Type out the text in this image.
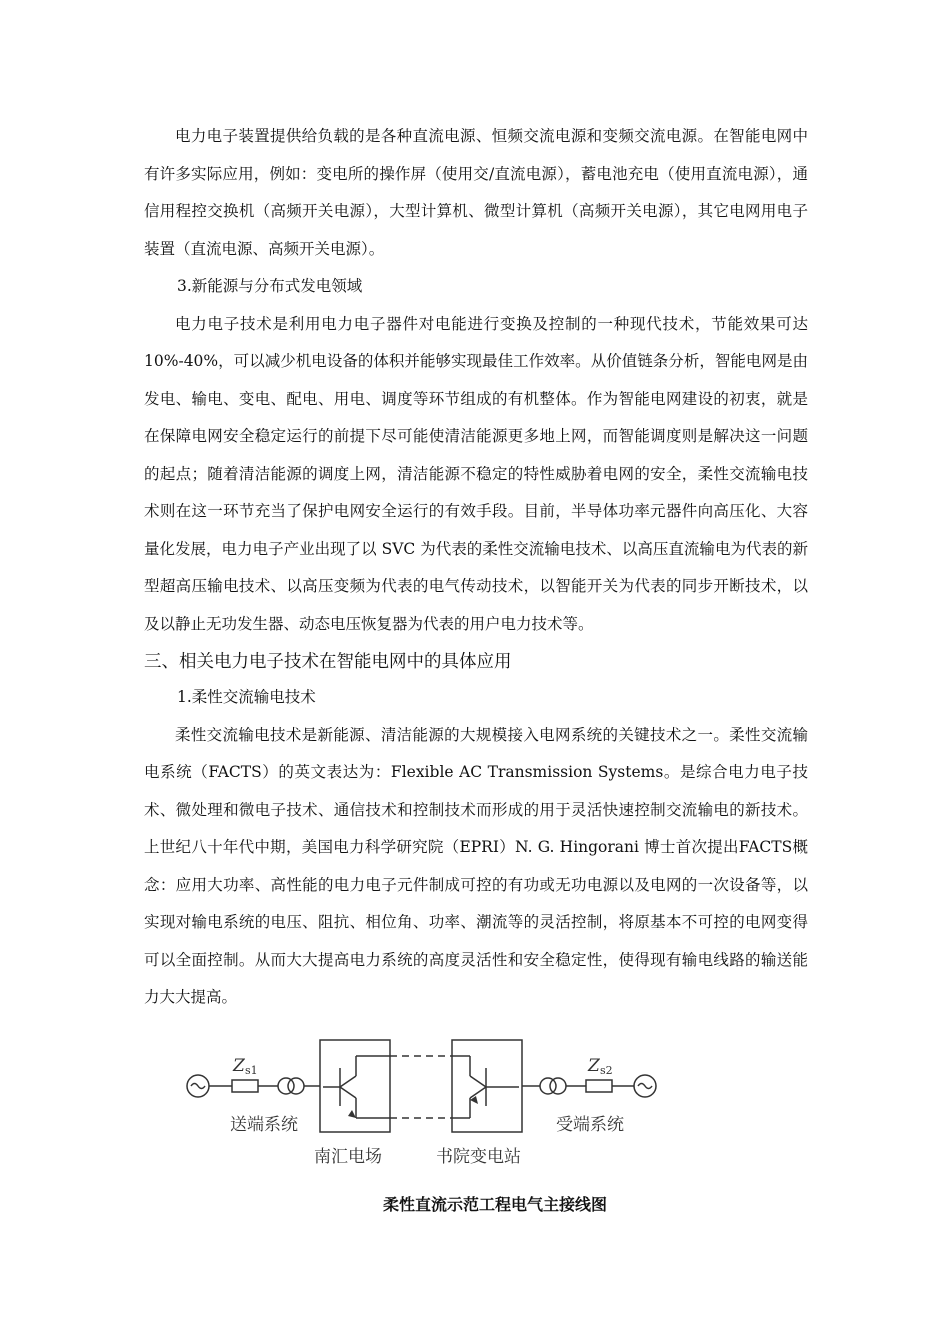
电力电子装置提供给负载的是各种直流电源、恒频交流电源和变频交流电源。在智能电网中有许多实际应用，例如：变电所的操作屏（使用交/直流电源），蓄电池充电（使用直流电源），通信用程控交换机（高频开关电源），大型计算机、微型计算机（高频开关电源），其它电网用电子装置（直流电源、高频开关电源）。

3.新能源与分布式发电领域

电力电子技术是利用电力电子器件对电能进行变换及控制的一种现代技术，节能效果可达 10%-40%，可以减少机电设备的体积并能够实现最佳工作效率。从价值链条分析，智能电网是由发电、输电、变电、配电、用电、调度等环节组成的有机整体。作为智能电网建设的初衷，就是在保障电网安全稳定运行的前提下尽可能使清洁能源更多地上网，而智能调度则是解决这一问题的起点；随着清洁能源的调度上网，清洁能源不稳定的特性威胁着电网的安全，柔性交流输电技术则在这一环节充当了保护电网安全运行的有效手段。目前，半导体功率元器件向高压化、大容量化发展，电力电子产业出现了以 SVC 为代表的柔性交流输电技术、以高压直流输电为代表的新型超高压输电技术、以高压变频为代表的电气传动技术，以智能开关为代表的同步开断技术，以及以静止无功发生器、动态电压恢复器为代表的用户电力技术等。

三、相关电力电子技术在智能电网中的具体应用

1.柔性交流输电技术

柔性交流输电技术是新能源、清洁能源的大规模接入电网系统的关键技术之一。柔性交流输电系统（FACTS）的英文表达为：Flexible AC Transmission Systems。是综合电力电子技术、微处理和微电子技术、通信技术和控制技术而形成的用于灵活快速控制交流输电的新技术。上世纪八十年代中期，美国电力科学研究院（EPRI）N. G. Hingorani 博士首次提出FACTS概念：应用大功率、高性能的电力电子元件制成可控的有功或无功电源以及电网的一次设备等，以实现对输电系统的电压、阻抗、相位角、功率、潮流等的灵活控制，将原基本不可控的电网变得可以全面控制。从而大大提高电力系统的高度灵活性和安全稳定性，使得现有输电线路的输送能力大大提高。

Z s1	Z s2
送端系统	受端系统
南汇电场	书院变电站
柔性直流示范工程电气主接线图
